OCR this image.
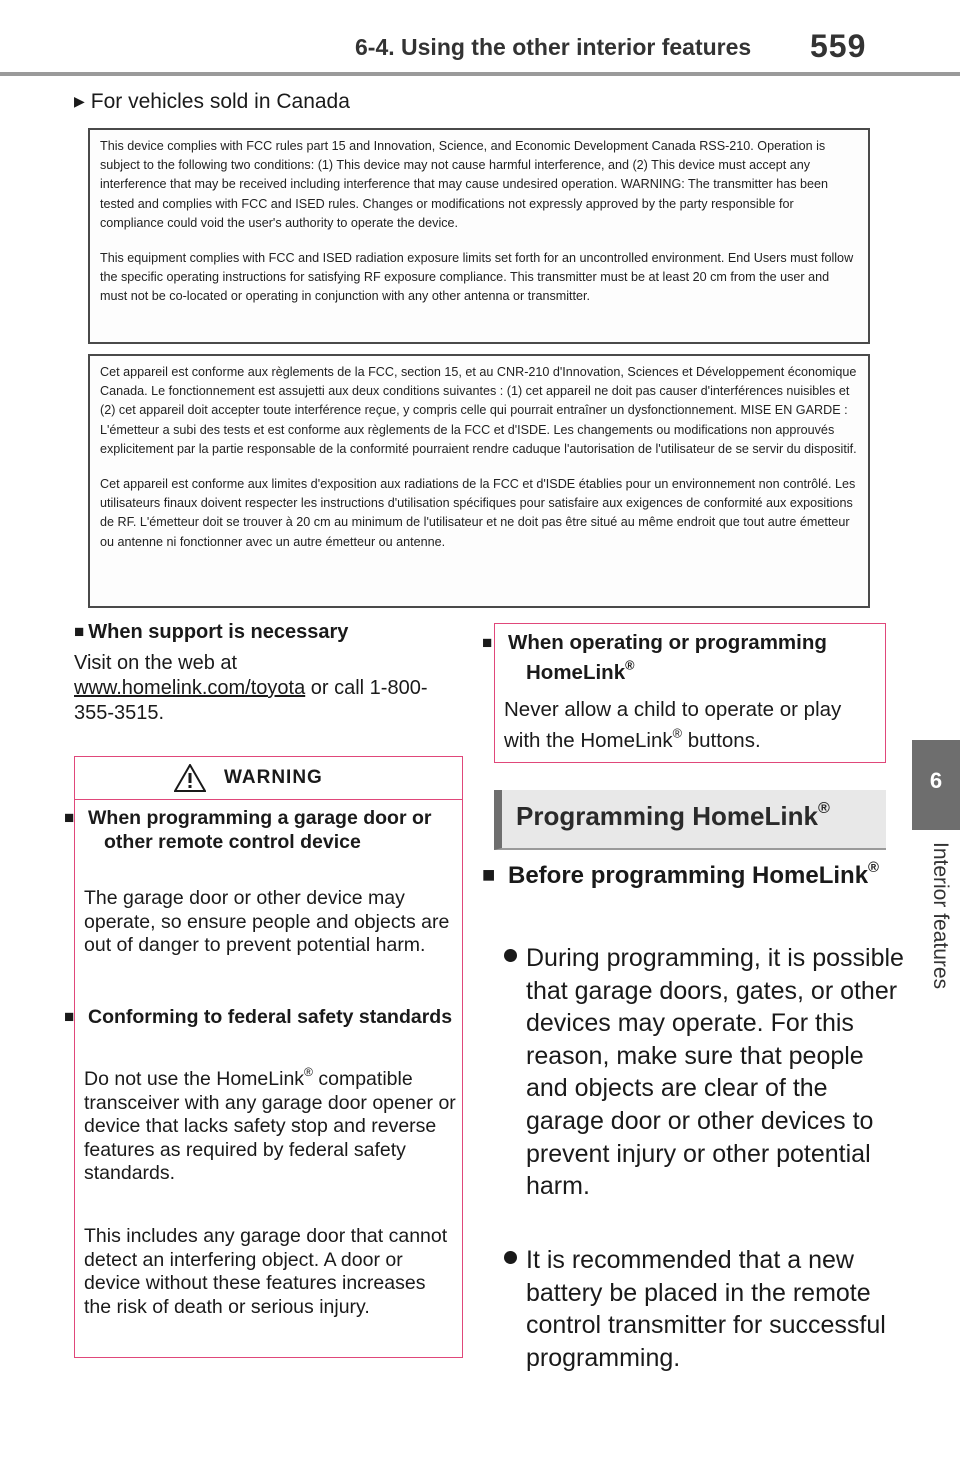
6-4. Using the other interior features 559
6
Interior features
▶ For vehicles sold in Canada

This device complies with FCC rules part 15 and Innovation, Science, and Economic Development Canada RSS-210. Operation is subject to the following two conditions: (1) This device may not cause harmful interference, and (2) This device must accept any interference that may be received including interference that may cause undesired operation. WARNING: The transmitter has been tested and complies with FCC and ISED rules. Changes or modifications not expressly approved by the party responsible for compliance could void the user's authority to operate the device.

This equipment complies with FCC and ISED radiation exposure limits set forth for an uncontrolled environment. End Users must follow the specific operating instructions for satisfying RF exposure compliance. This transmitter must be at least 20 cm from the user and must not be co-located or operating in conjunction with any other antenna or transmitter.

Cet appareil est conforme aux règlements de la FCC, section 15, et au CNR-210 d'Innovation, Sciences et Développement économique Canada. Le fonctionnement est assujetti aux deux conditions suivantes : (1) cet appareil ne doit pas causer d'interférences nuisibles et (2) cet appareil doit accepter toute interférence reçue, y compris celle qui pourrait entraîner un dysfonctionnement. MISE EN GARDE : L'émetteur a subi des tests et est conforme aux règlements de la FCC et d'ISDE. Les changements ou modifications non approuvés explicitement par la partie responsable de la conformité pourraient rendre caduque l'autorisation de l'utilisateur de se servir du dispositif.

Cet appareil est conforme aux limites d'exposition aux radiations de la FCC et d'ISDE établies pour un environnement non contrôlé. Les utilisateurs finaux doivent respecter les instructions d'utilisation spécifiques pour satisfaire aux exigences de conformité aux expositions de RF. L'émetteur doit se trouver à 20 cm au minimum de l'utilisateur et ne doit pas être situé au même endroit que tout autre émetteur ou antenne ni fonctionner avec un autre émetteur ou antenne.

■ When support is necessary
Visit on the web at
www.homelink.com/toyota or call 1-800-355-3515.
WARNING
■ When programming a garage door or other remote control device
The garage door or other device may operate, so ensure people and objects are out of danger to prevent potential harm.
■ Conforming to federal safety standards
Do not use the HomeLink® compatible transceiver with any garage door opener or device that lacks safety stop and reverse features as required by federal safety standards.
This includes any garage door that cannot detect an interfering object. A door or device without these features increases the risk of death or serious injury.
■ When operating or programming HomeLink®
Never allow a child to operate or play with the HomeLink® buttons.
Programming HomeLink®
■ Before programming HomeLink®
During programming, it is possible that garage doors, gates, or other devices may operate. For this reason, make sure that people and objects are clear of the garage door or other devices to prevent injury or other potential harm.
It is recommended that a new battery be placed in the remote control transmitter for successful programming.
